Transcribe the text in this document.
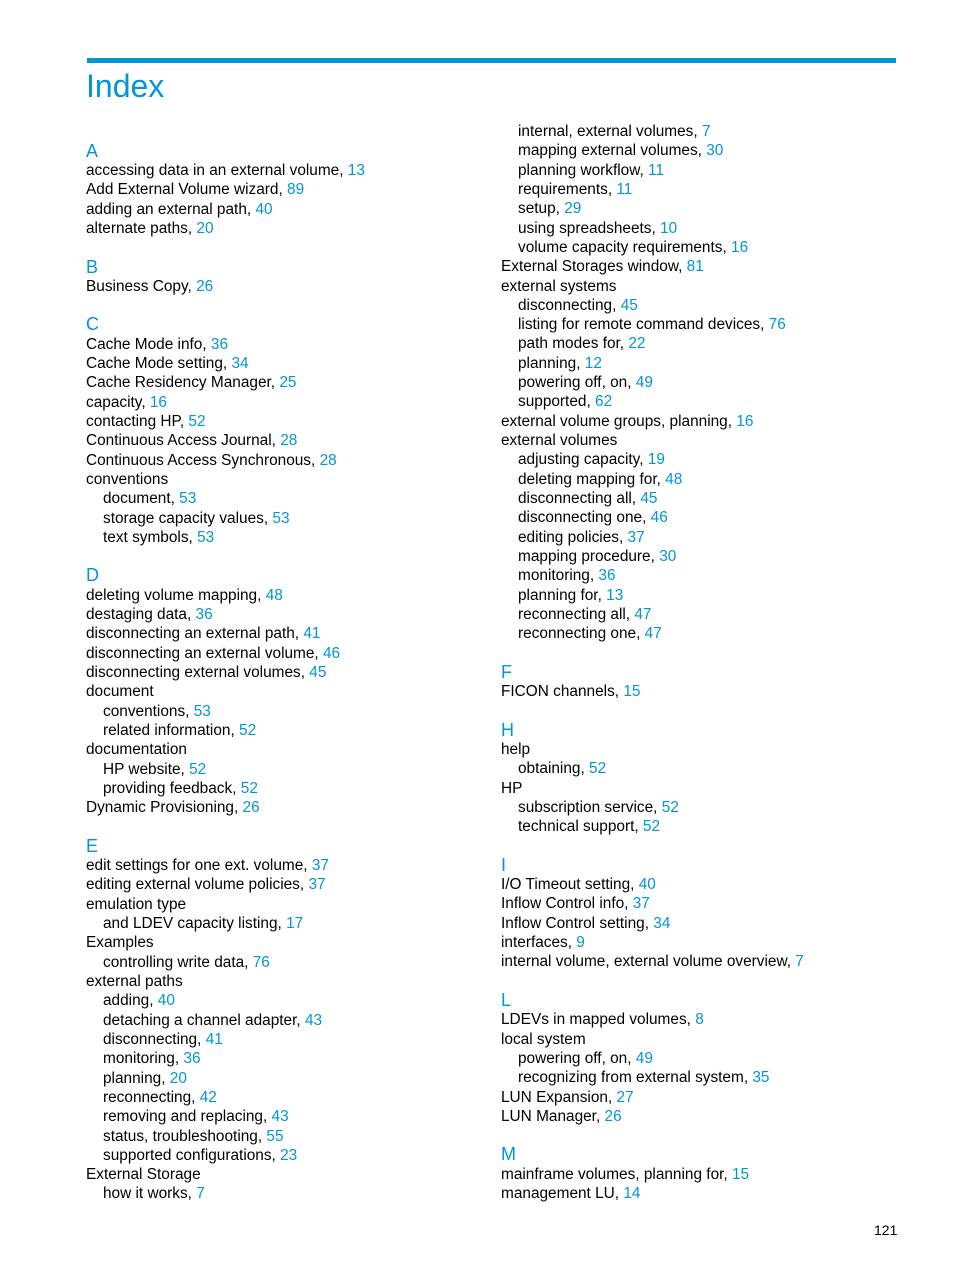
Index
A
accessing data in an external volume, 13
Add External Volume wizard, 89
adding an external path, 40
alternate paths, 20
B
Business Copy, 26
C
Cache Mode info, 36
Cache Mode setting, 34
Cache Residency Manager, 25
capacity, 16
contacting HP, 52
Continuous Access Journal, 28
Continuous Access Synchronous, 28
conventions
document, 53
storage capacity values, 53
text symbols, 53
D
deleting volume mapping, 48
destaging data, 36
disconnecting an external path, 41
disconnecting an external volume, 46
disconnecting external volumes, 45
document
conventions, 53
related information, 52
documentation
HP website, 52
providing feedback, 52
Dynamic Provisioning, 26
E
edit settings for one ext. volume, 37
editing external volume policies, 37
emulation type
and LDEV capacity listing, 17
Examples
controlling write data, 76
external paths
adding, 40
detaching a channel adapter, 43
disconnecting, 41
monitoring, 36
planning, 20
reconnecting, 42
removing and replacing, 43
status, troubleshooting, 55
supported configurations, 23
External Storage
how it works, 7
internal, external volumes, 7
mapping external volumes, 30
planning workflow, 11
requirements, 11
setup, 29
using spreadsheets, 10
volume capacity requirements, 16
External Storages window, 81
external systems
disconnecting, 45
listing for remote command devices, 76
path modes for, 22
planning, 12
powering off, on, 49
supported, 62
external volume groups, planning, 16
external volumes
adjusting capacity, 19
deleting mapping for, 48
disconnecting all, 45
disconnecting one, 46
editing policies, 37
mapping procedure, 30
monitoring, 36
planning for, 13
reconnecting all, 47
reconnecting one, 47
F
FICON channels, 15
H
help
obtaining, 52
HP
subscription service, 52
technical support, 52
I
I/O Timeout setting, 40
Inflow Control info, 37
Inflow Control setting, 34
interfaces, 9
internal volume, external volume overview, 7
L
LDEVs in mapped volumes, 8
local system
powering off, on, 49
recognizing from external system, 35
LUN Expansion, 27
LUN Manager, 26
M
mainframe volumes, planning for, 15
management LU, 14
121
